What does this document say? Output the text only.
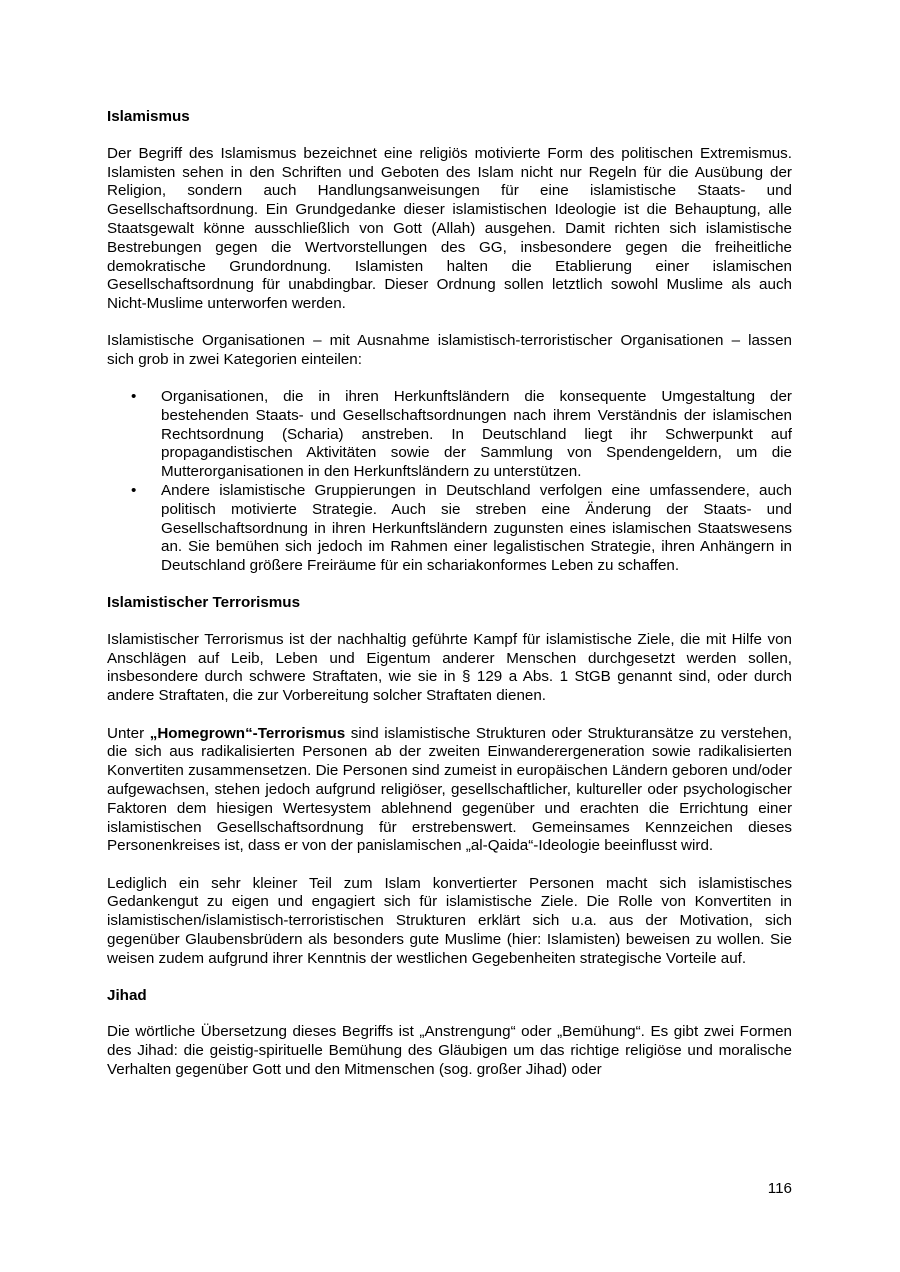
Islamismus

Der Begriff des Islamismus bezeichnet eine religiös motivierte Form des politischen Extremismus. Islamisten sehen in den Schriften und Geboten des Islam nicht nur Regeln für die Ausübung der Religion, sondern auch Handlungsanweisungen für eine islamistische Staats- und Gesellschaftsordnung. Ein Grundgedanke dieser islamistischen Ideologie ist die Behauptung, alle Staatsgewalt könne ausschließlich von Gott (Allah) ausgehen. Damit richten sich islamistische Bestrebungen gegen die Wertvorstellungen des GG, insbesondere gegen die freiheitliche demokratische Grundordnung. Islamisten halten die Etablierung einer islamischen Gesellschaftsordnung für unabdingbar. Dieser Ordnung sollen letztlich sowohl Muslime als auch Nicht-Muslime unterworfen werden.

Islamistische Organisationen – mit Ausnahme islamistisch-terroristischer Organisationen – lassen sich grob in zwei Kategorien einteilen:

• Organisationen, die in ihren Herkunftsländern die konsequente Umgestaltung der bestehenden Staats- und Gesellschaftsordnungen nach ihrem Verständnis der islamischen Rechtsordnung (Scharia) anstreben. In Deutschland liegt ihr Schwerpunkt auf propagandistischen Aktivitäten sowie der Sammlung von Spendengeldern, um die Mutterorganisationen in den Herkunftsländern zu unterstützen.
• Andere islamistische Gruppierungen in Deutschland verfolgen eine umfassendere, auch politisch motivierte Strategie. Auch sie streben eine Änderung der Staats- und Gesellschaftsordnung in ihren Herkunftsländern zugunsten eines islamischen Staatswesens an. Sie bemühen sich jedoch im Rahmen einer legalistischen Strategie, ihren Anhängern in Deutschland größere Freiräume für ein schariakonformes Leben zu schaffen.
Islamistischer Terrorismus

Islamistischer Terrorismus ist der nachhaltig geführte Kampf für islamistische Ziele, die mit Hilfe von Anschlägen auf Leib, Leben und Eigentum anderer Menschen durchgesetzt werden sollen, insbesondere durch schwere Straftaten, wie sie in § 129 a Abs. 1 StGB genannt sind, oder durch andere Straftaten, die zur Vorbereitung solcher Straftaten dienen.

Unter „Homegrown“-Terrorismus sind islamistische Strukturen oder Strukturansätze zu verstehen, die sich aus radikalisierten Personen ab der zweiten Einwanderergeneration sowie radikalisierten Konvertiten zusammensetzen. Die Personen sind zumeist in europäischen Ländern geboren und/oder aufgewachsen, stehen jedoch aufgrund religiöser, gesellschaftlicher, kultureller oder psychologischer Faktoren dem hiesigen Wertesystem ablehnend gegenüber und erachten die Errichtung einer islamistischen Gesellschaftsordnung für erstrebenswert. Gemeinsames Kennzeichen dieses Personenkreises ist, dass er von der panislamischen „al-Qaida“-Ideologie beeinflusst wird.

Lediglich ein sehr kleiner Teil zum Islam konvertierter Personen macht sich islamistisches Gedankengut zu eigen und engagiert sich für islamistische Ziele. Die Rolle von Konvertiten in islamistischen/islamistisch-terroristischen Strukturen erklärt sich u.a. aus der Motivation, sich gegenüber Glaubensbrüdern als besonders gute Muslime (hier: Islamisten) beweisen zu wollen. Sie weisen zudem aufgrund ihrer Kenntnis der westlichen Gegebenheiten strategische Vorteile auf.

Jihad

Die wörtliche Übersetzung dieses Begriffs ist „Anstrengung“ oder „Bemühung“. Es gibt zwei Formen des Jihad: die geistig-spirituelle Bemühung des Gläubigen um das richtige religiöse und moralische Verhalten gegenüber Gott und den Mitmenschen (sog. großer Jihad) oder

116
